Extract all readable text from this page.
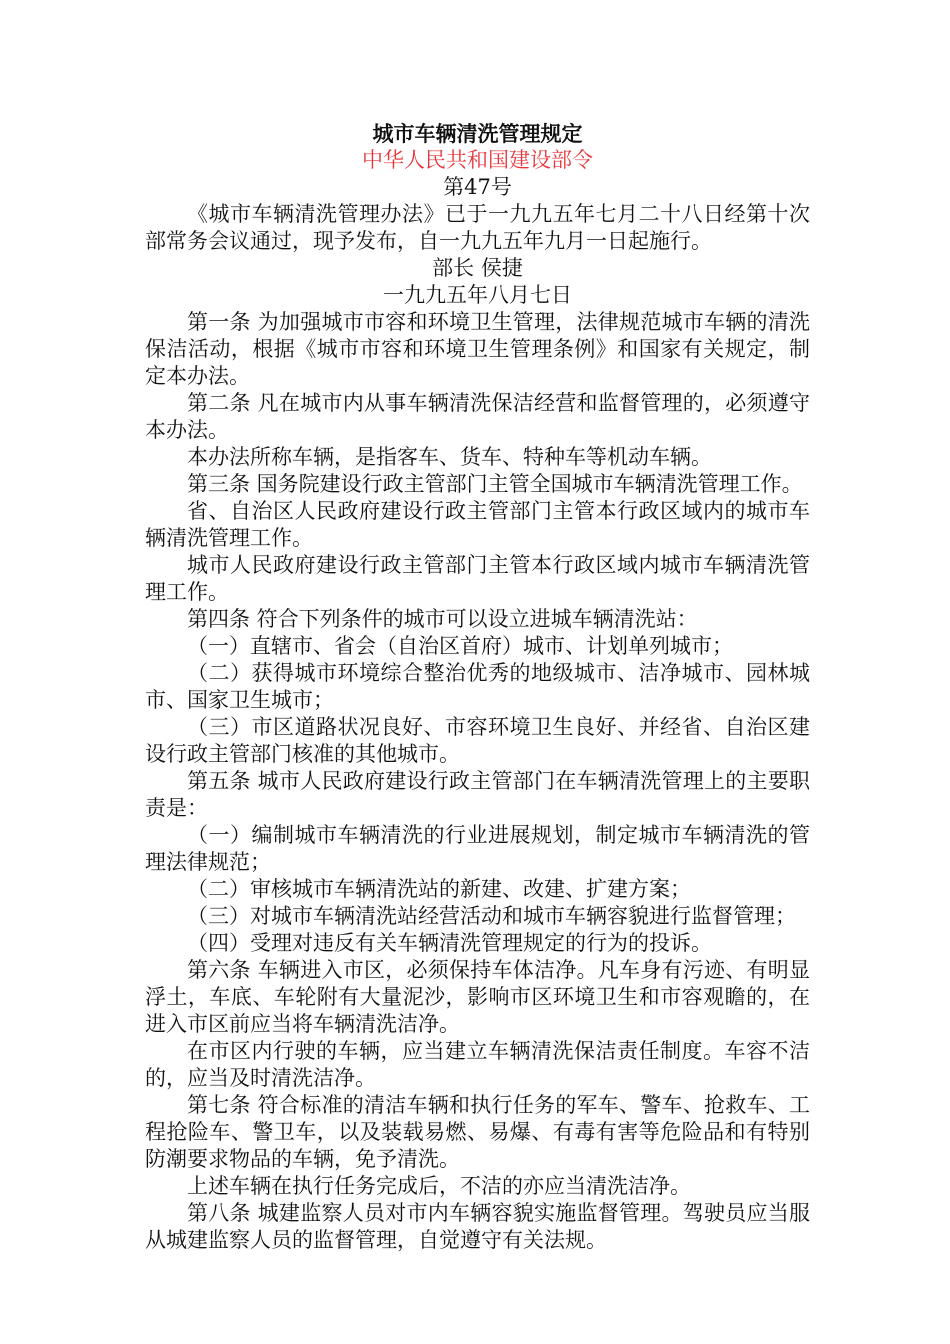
城市车辆清洗管理规定

中华人民共和国建设部令

第47号

《城市车辆清洗管理办法》已于一九九五年七月二十八日经第十次部常务会议通过，现予发布，自一九九五年九月一日起施行。

部长 侯捷

一九九五年八月七日

第一条 为加强城市市容和环境卫生管理，法律规范城市车辆的清洗保洁活动，根据《城市市容和环境卫生管理条例》和国家有关规定，制定本办法。

第二条 凡在城市内从事车辆清洗保洁经营和监督管理的，必须遵守本办法。

本办法所称车辆，是指客车、货车、特种车等机动车辆。

第三条 国务院建设行政主管部门主管全国城市车辆清洗管理工作。

省、自治区人民政府建设行政主管部门主管本行政区域内的城市车辆清洗管理工作。

城市人民政府建设行政主管部门主管本行政区域内城市车辆清洗管理工作。

第四条 符合下列条件的城市可以设立进城车辆清洗站：

（一）直辖市、省会（自治区首府）城市、计划单列城市；

（二）获得城市环境综合整治优秀的地级城市、洁净城市、园林城市、国家卫生城市；

（三）市区道路状况良好、市容环境卫生良好、并经省、自治区建设行政主管部门核准的其他城市。

第五条 城市人民政府建设行政主管部门在车辆清洗管理上的主要职责是：

（一）编制城市车辆清洗的行业进展规划，制定城市车辆清洗的管理法律规范；

（二）审核城市车辆清洗站的新建、改建、扩建方案；

（三）对城市车辆清洗站经营活动和城市车辆容貌进行监督管理；

（四）受理对违反有关车辆清洗管理规定的行为的投诉。

第六条 车辆进入市区，必须保持车体洁净。凡车身有污迹、有明显浮土，车底、车轮附有大量泥沙，影响市区环境卫生和市容观瞻的，在进入市区前应当将车辆清洗洁净。

在市区内行驶的车辆，应当建立车辆清洗保洁责任制度。车容不洁的，应当及时清洗洁净。

第七条 符合标准的清洁车辆和执行任务的军车、警车、抢救车、工程抢险车、警卫车，以及装载易燃、易爆、有毒有害等危险品和有特别防潮要求物品的车辆，免予清洗。

上述车辆在执行任务完成后，不洁的亦应当清洗洁净。

第八条 城建监察人员对市内车辆容貌实施监督管理。驾驶员应当服从城建监察人员的监督管理，自觉遵守有关法规。
